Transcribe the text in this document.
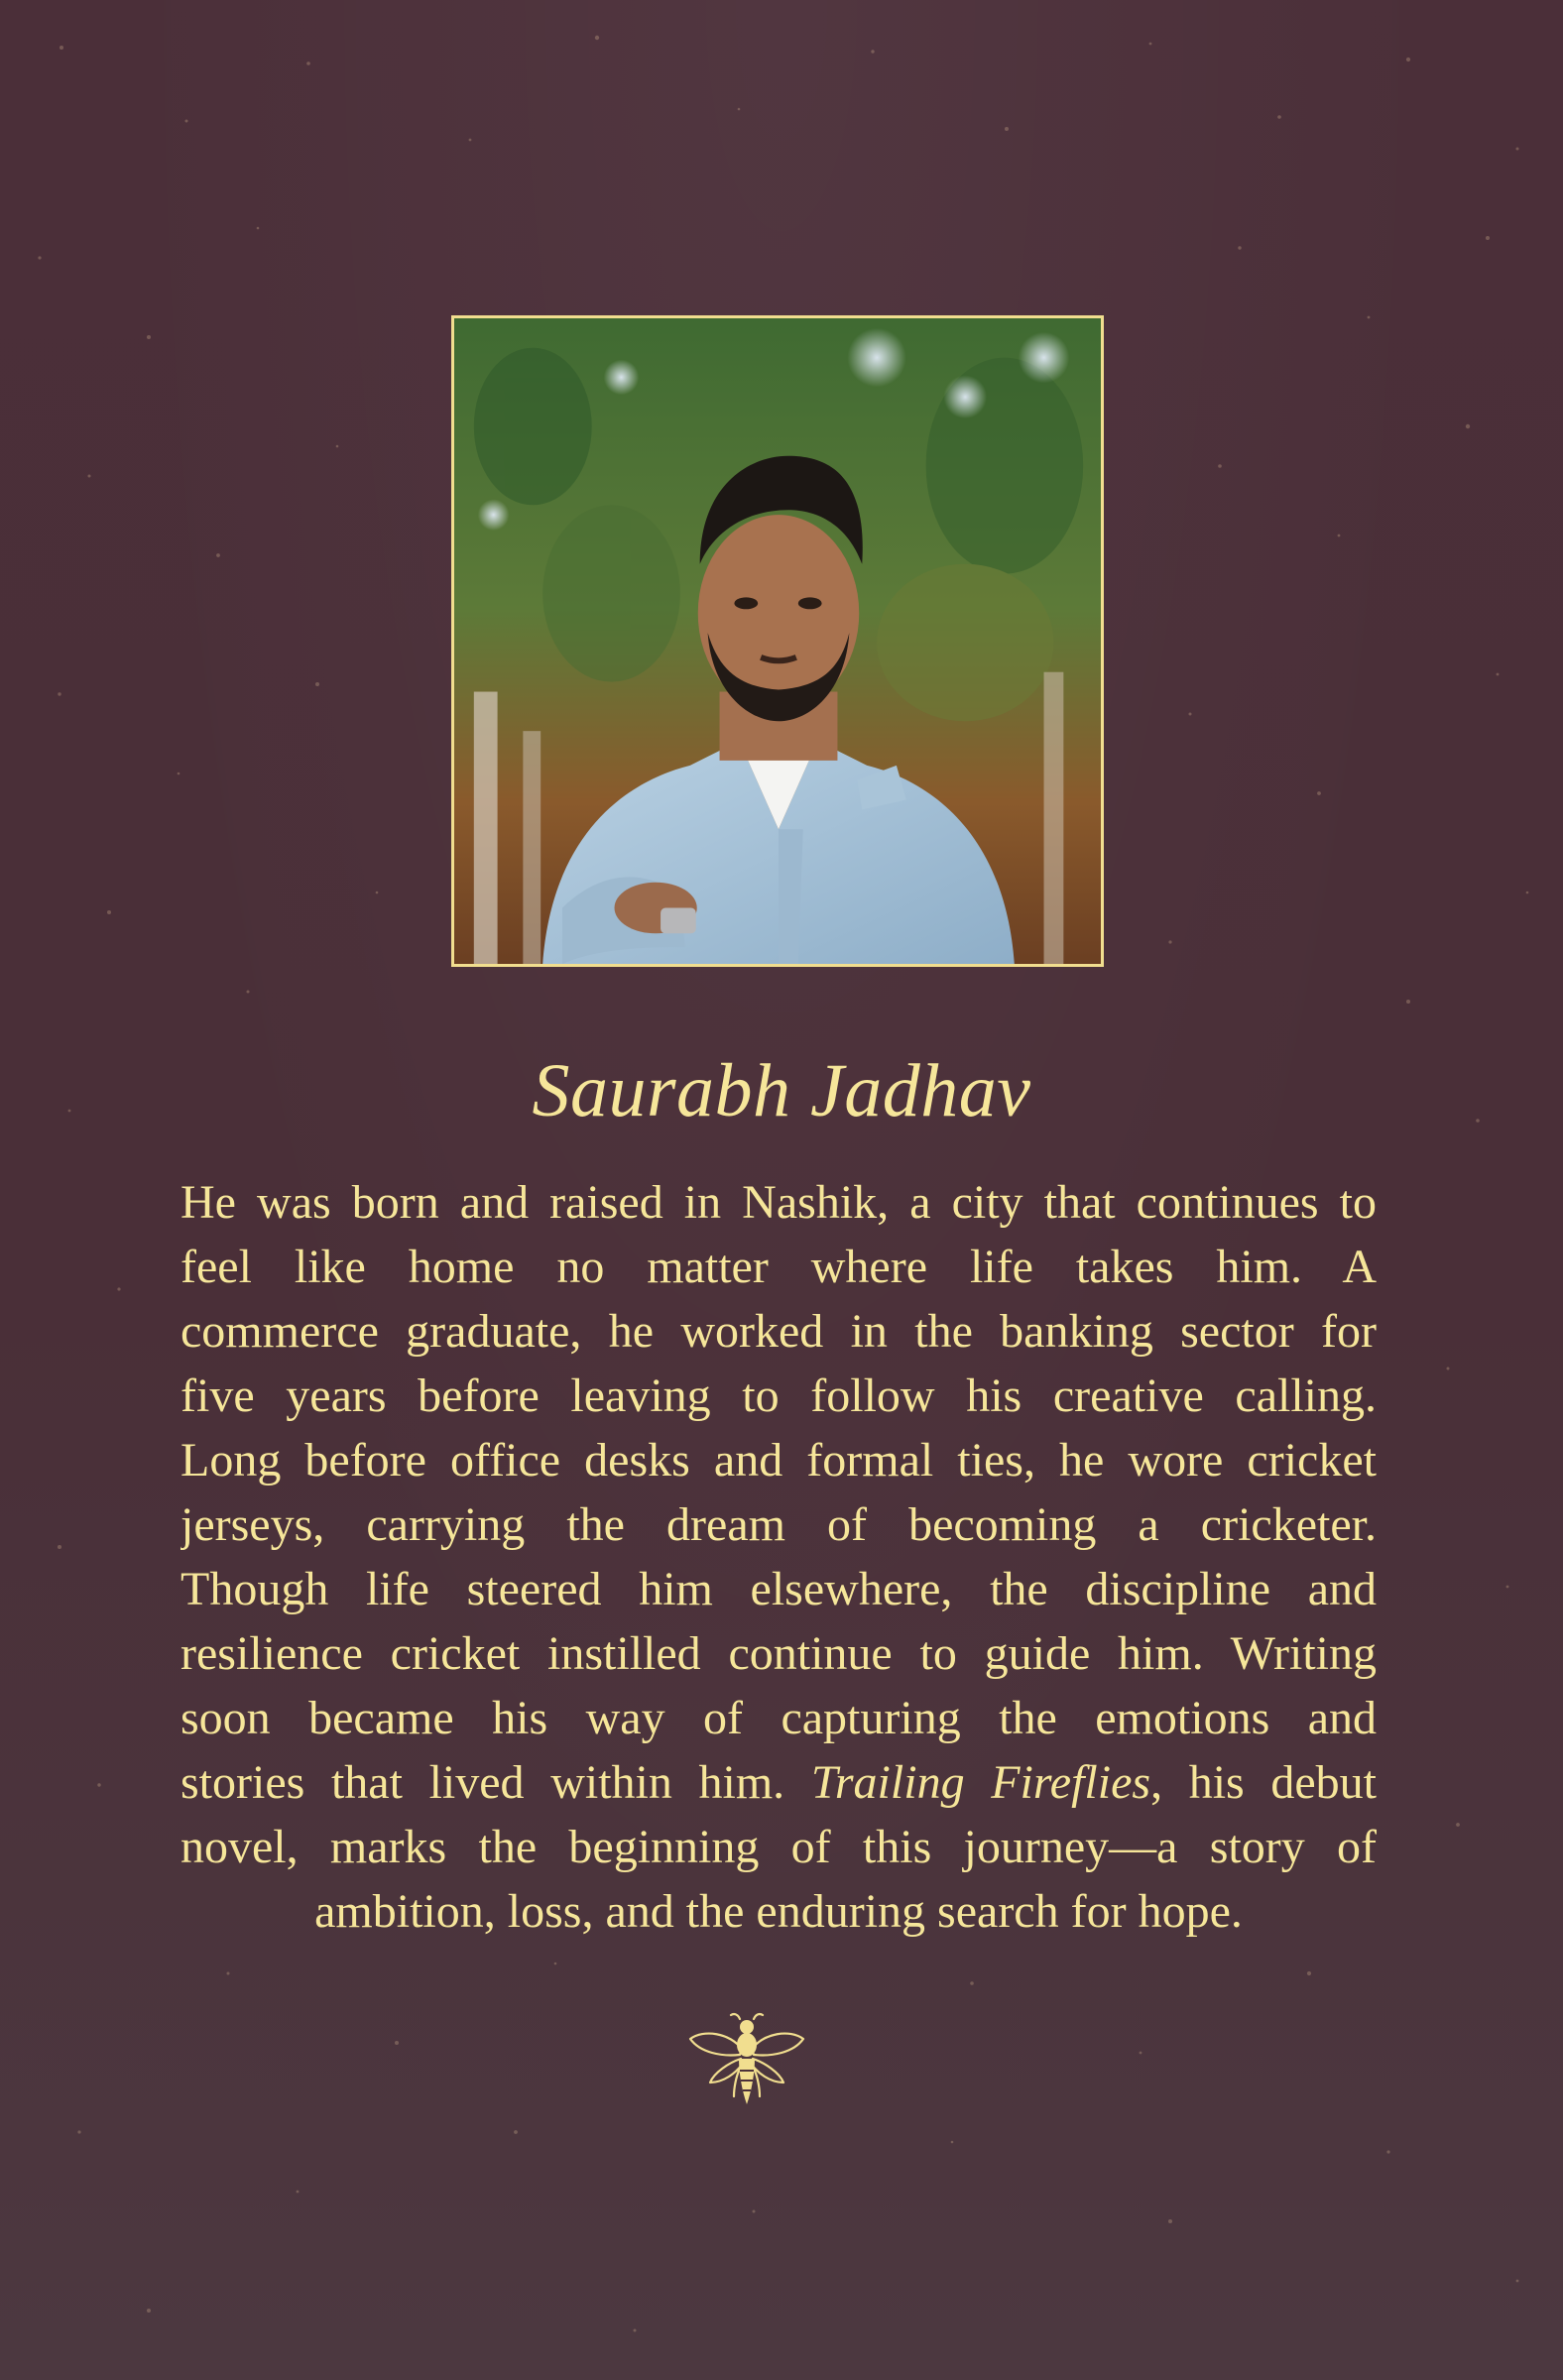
Saurabh Jadhav
He was born and raised in Nashik, a city that continues to
feel like home no matter where life takes him. A
commerce graduate, he worked in the banking sector for
five years before leaving to follow his creative calling.
Long before office desks and formal ties, he wore cricket
jerseys, carrying the dream of becoming a cricketer.
Though life steered him elsewhere, the discipline and
resilience cricket instilled continue to guide him. Writing
soon became his way of capturing the emotions and
stories that lived within him. Trailing Fireflies, his debut
novel, marks the beginning of this journey—a story of
ambition, loss, and the enduring search for hope.
